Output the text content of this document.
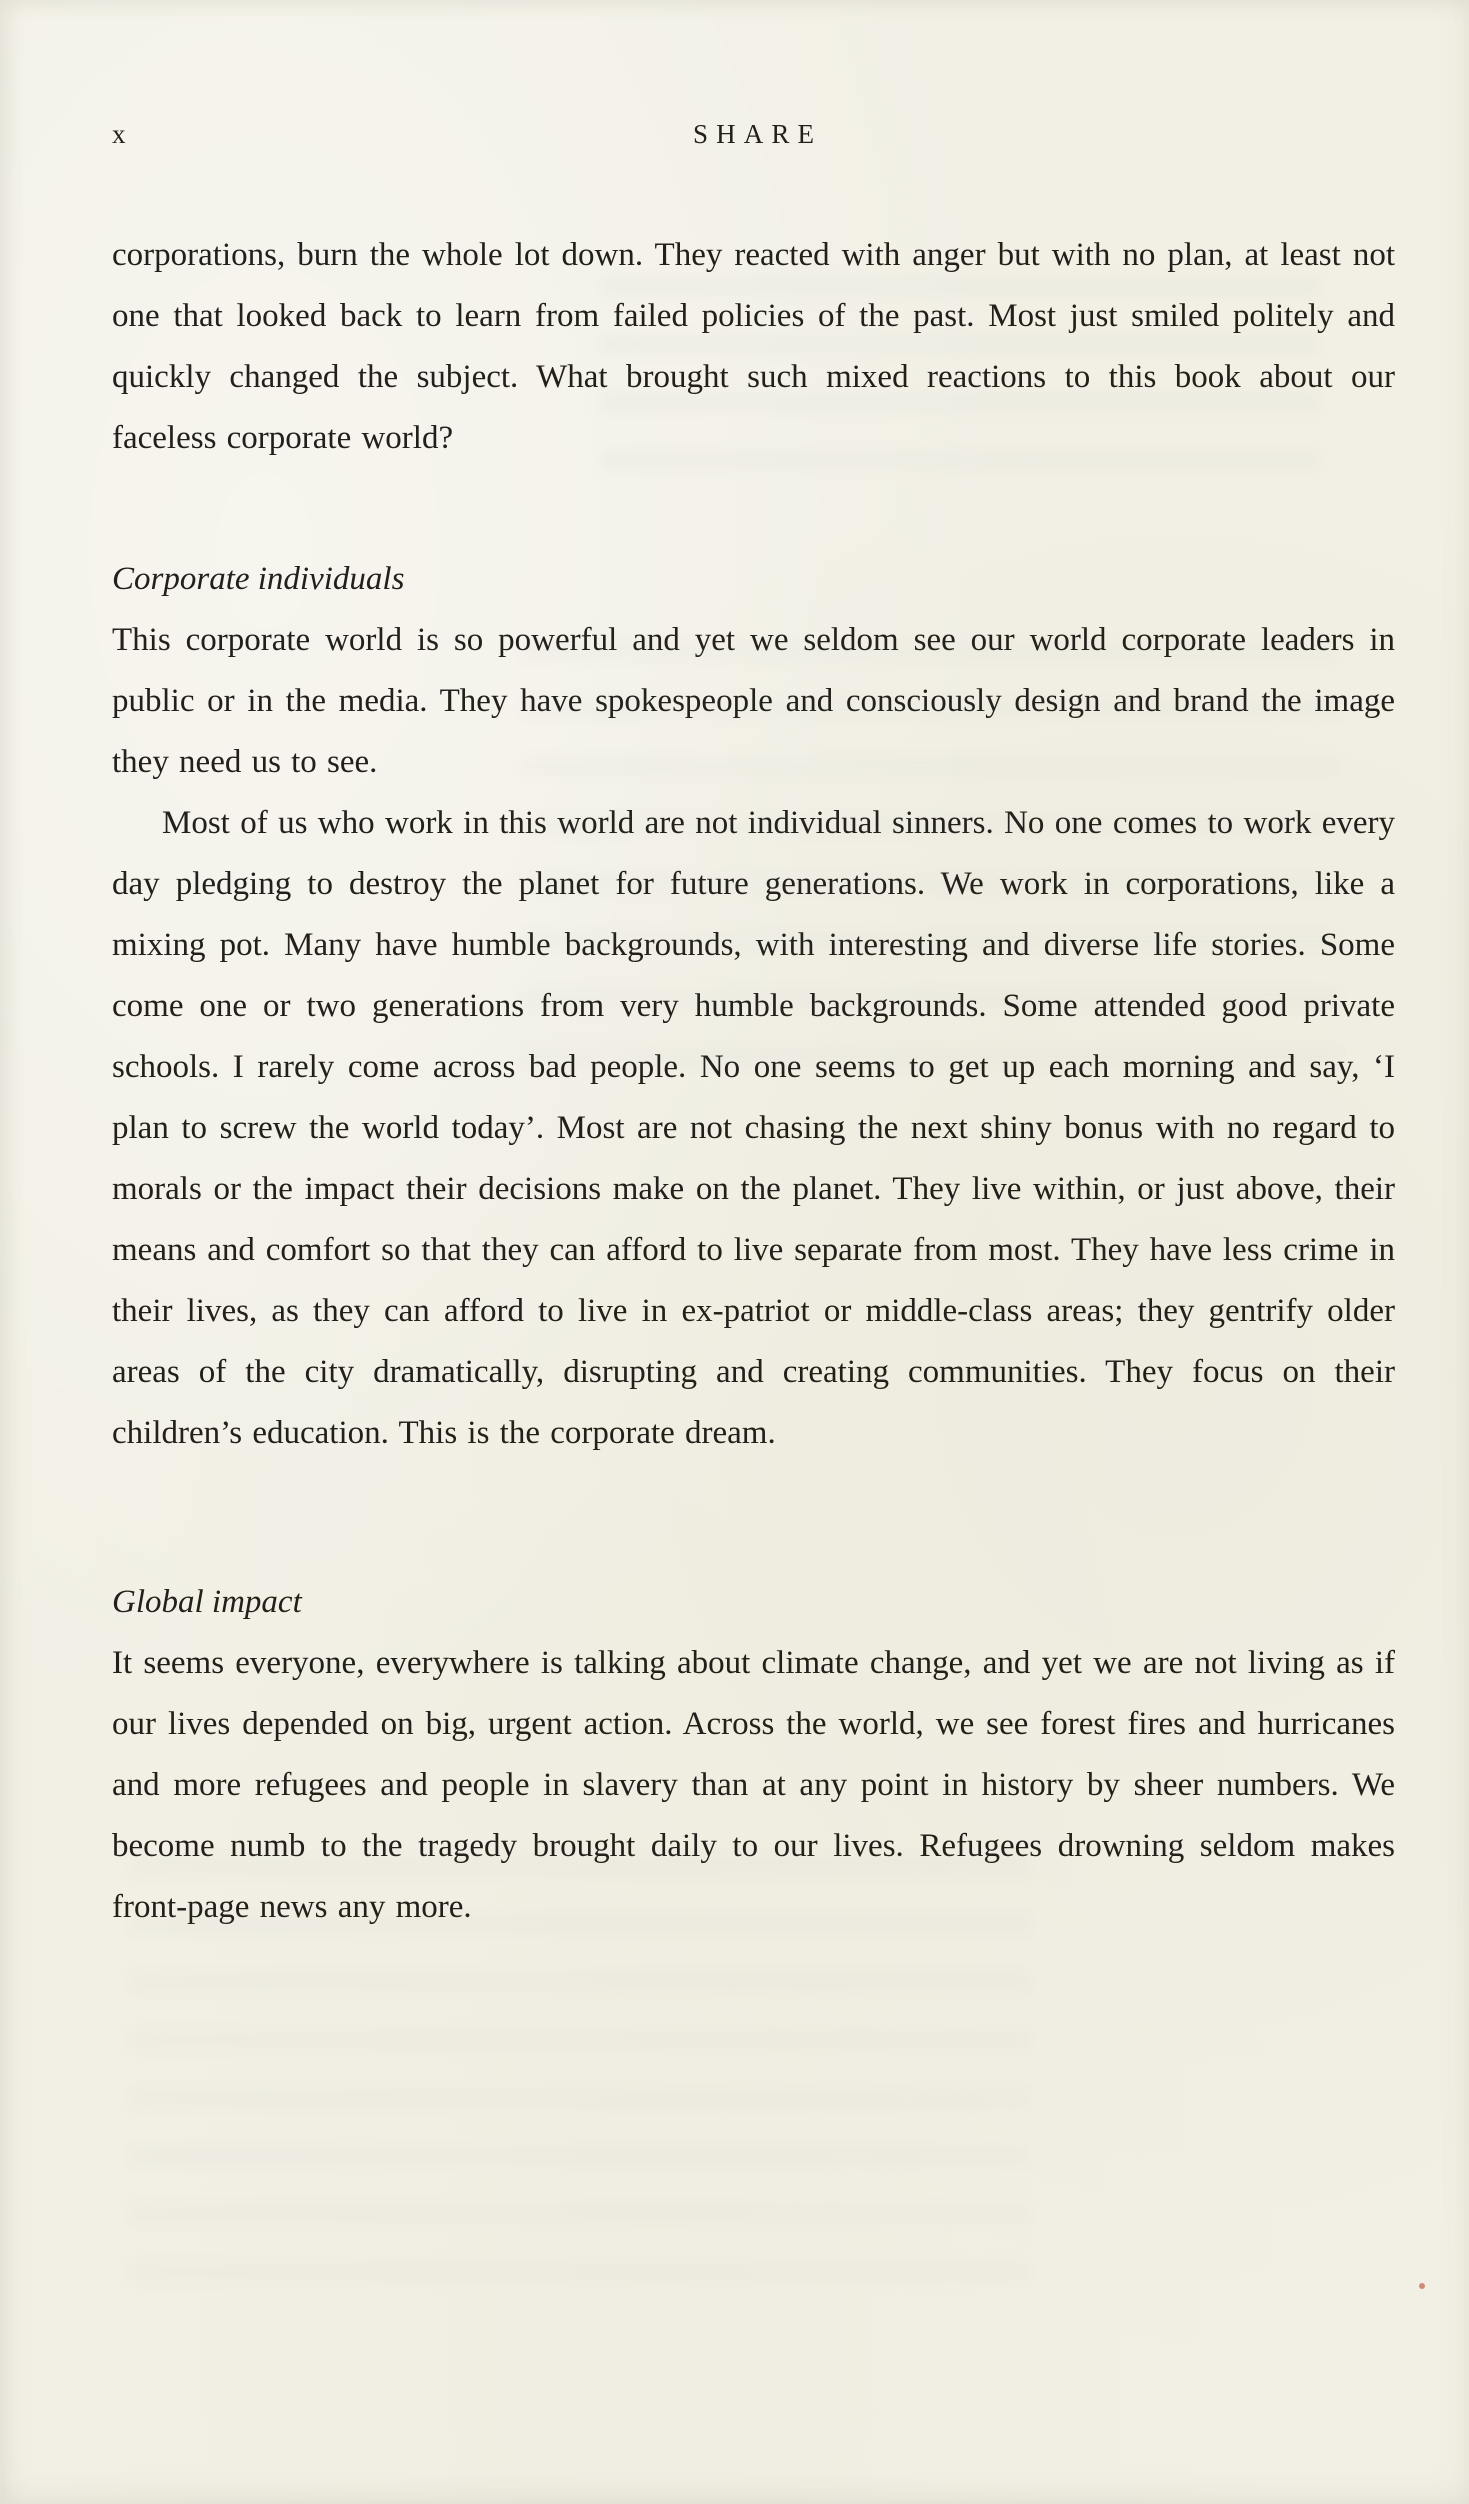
x	SHARE

corporations, burn the whole lot down. They reacted with anger but with no plan, at least not one that looked back to learn from failed policies of the past. Most just smiled politely and quickly changed the subject. What brought such mixed reactions to this book about our faceless corporate world?

Corporate individuals

This corporate world is so powerful and yet we seldom see our world corporate leaders in public or in the media. They have spokespeople and consciously design and brand the image they need us to see.

Most of us who work in this world are not individual sinners. No one comes to work every day pledging to destroy the planet for future generations. We work in corporations, like a mixing pot. Many have humble backgrounds, with interesting and diverse life stories. Some come one or two generations from very humble backgrounds. Some attended good private schools. I rarely come across bad people. No one seems to get up each morning and say, ‘I plan to screw the world today’. Most are not chasing the next shiny bonus with no regard to morals or the impact their decisions make on the planet. They live within, or just above, their means and comfort so that they can afford to live separate from most. They have less crime in their lives, as they can afford to live in ex-patriot or middle-class areas; they gentrify older areas of the city dramatically, disrupting and creating communities. They focus on their children’s education. This is the corporate dream.

Global impact

It seems everyone, everywhere is talking about climate change, and yet we are not living as if our lives depended on big, urgent action. Across the world, we see forest fires and hurricanes and more refugees and people in slavery than at any point in history by sheer numbers. We become numb to the tragedy brought daily to our lives. Refugees drowning seldom makes front-page news any more.
